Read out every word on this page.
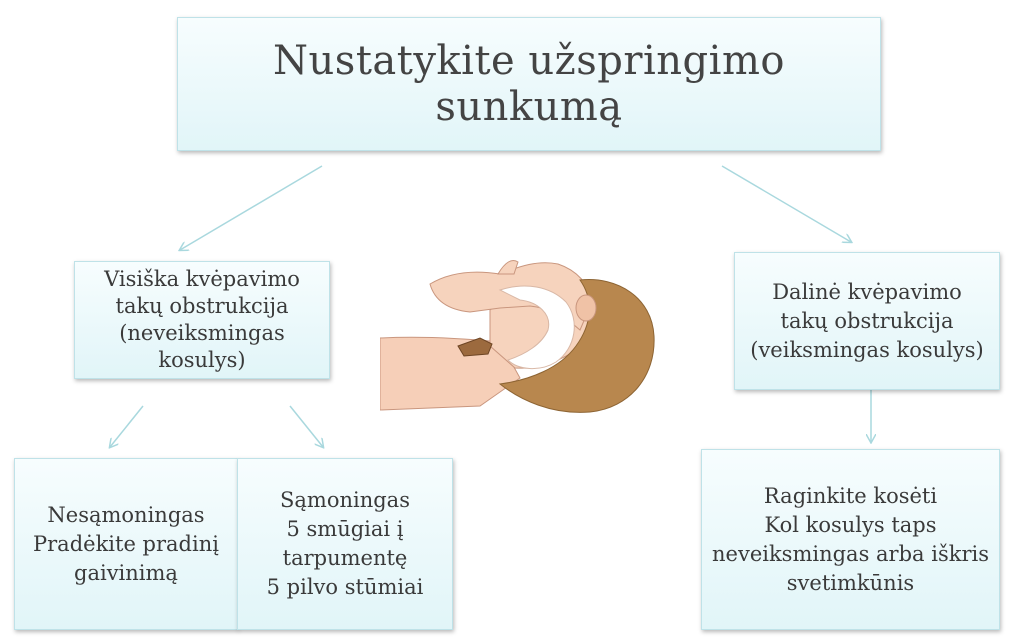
Nustatykite užspringimo sunkumą
Visiška kvėpavimo
takų obstrukcija
(neveiksmingas
kosulys)
Dalinė kvėpavimo
takų obstrukcija
(veiksmingas kosulys)
Nesąmoningas
Pradėkite pradinį
gaivinimą
Sąmoningas
5 smūgiai į
tarpumentę
5 pilvo stūmiai
Raginkite kosėti
Kol kosulys taps
neveiksmingas arba iškris
svetimkūnis
